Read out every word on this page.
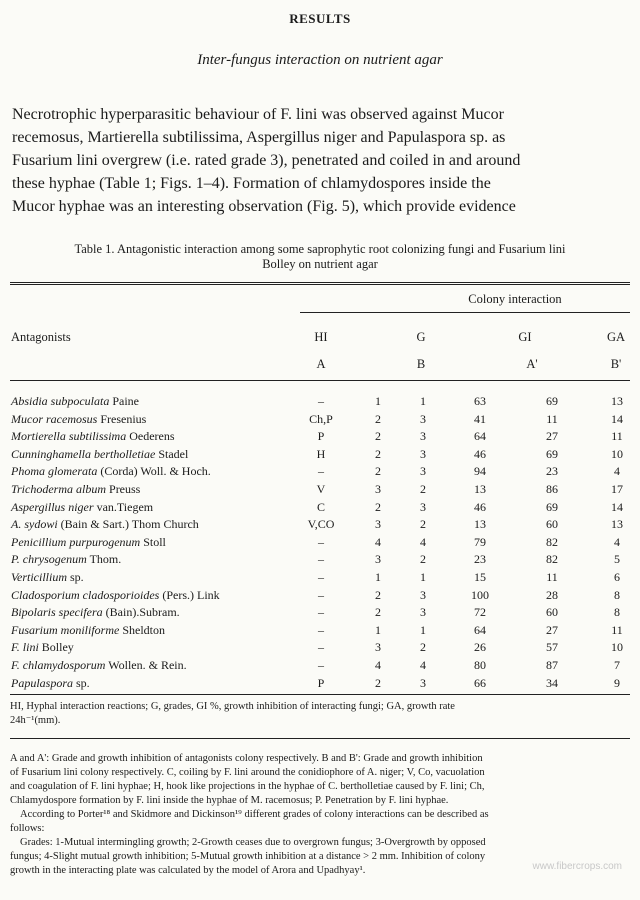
RESULTS
Inter-fungus interaction on nutrient agar
Necrotrophic hyperparasitic behaviour of F. lini was observed against Mucor
recemosus, Martierella subtilissima, Aspergillus niger and Papulaspora sp. as
Fusarium lini overgrew (i.e. rated grade 3), penetrated and coiled in and around
these hyphae (Table 1; Figs. 1–4). Formation of chlamydospores inside the
Mucor hyphae was an interesting observation (Fig. 5), which provide evidence
Table 1. Antagonistic interaction among some saprophytic root colonizing fungi and Fusarium lini
Bolley on nutrient agar
Colony interaction
Antagonists	HI	G	GI	GA
A	B	A'	B'
Absidia subpoculata Paine	–	1	1	63	69	13
Mucor racemosus Fresenius	Ch,P	2	3	41	11	14
Mortierella subtilissima Oederens	P	2	3	64	27	11
Cunninghamella bertholletiae Stadel	H	2	3	46	69	10
Phoma glomerata (Corda) Woll. & Hoch.	–	2	3	94	23	4
Trichoderma album Preuss	V	3	2	13	86	17
Aspergillus niger van.Tiegem	C	2	3	46	69	14
A. sydowi (Bain & Sart.) Thom Church	V,CO	3	2	13	60	13
Penicillium purpurogenum Stoll	–	4	4	79	82	4
P. chrysogenum Thom.	–	3	2	23	82	5
Verticillium sp.	–	1	1	15	11	6
Cladosporium cladosporioides (Pers.) Link	–	2	3	100	28	8
Bipolaris specifera (Bain).Subram.	–	2	3	72	60	8
Fusarium moniliforme Sheldton	–	1	1	64	27	11
F. lini Bolley	–	3	2	26	57	10
F. chlamydosporum Wollen. & Rein.	–	4	4	80	87	7
Papulaspora sp.	P	2	3	66	34	9
HI, Hyphal interaction reactions; G, grades, GI %, growth inhibition of interacting fungi; GA, growth rate
24h⁻¹(mm).
A and A': Grade and growth inhibition of antagonists colony respectively. B and B': Grade and growth inhibition
of Fusarium lini colony respectively. C, coiling by F. lini around the conidiophore of A. niger; V, Co, vacuolation
and coagulation of F. lini hyphae; H, hook like projections in the hyphae of C. bertholletiae caused by F. lini; Ch,
Chlamydospore formation by F. lini inside the hyphae of M. racemosus; P. Penetration by F. lini hyphae.
According to Porter¹⁸ and Skidmore and Dickinson¹⁹ different grades of colony interactions can be described as
follows:
Grades: 1-Mutual intermingling growth; 2-Growth ceases due to overgrown fungus; 3-Overgrowth by opposed
fungus; 4-Slight mutual growth inhibition; 5-Mutual growth inhibition at a distance > 2 mm. Inhibition of colony
growth in the interacting plate was calculated by the model of Arora and Upadhyay¹.	www.fibercrops.com
